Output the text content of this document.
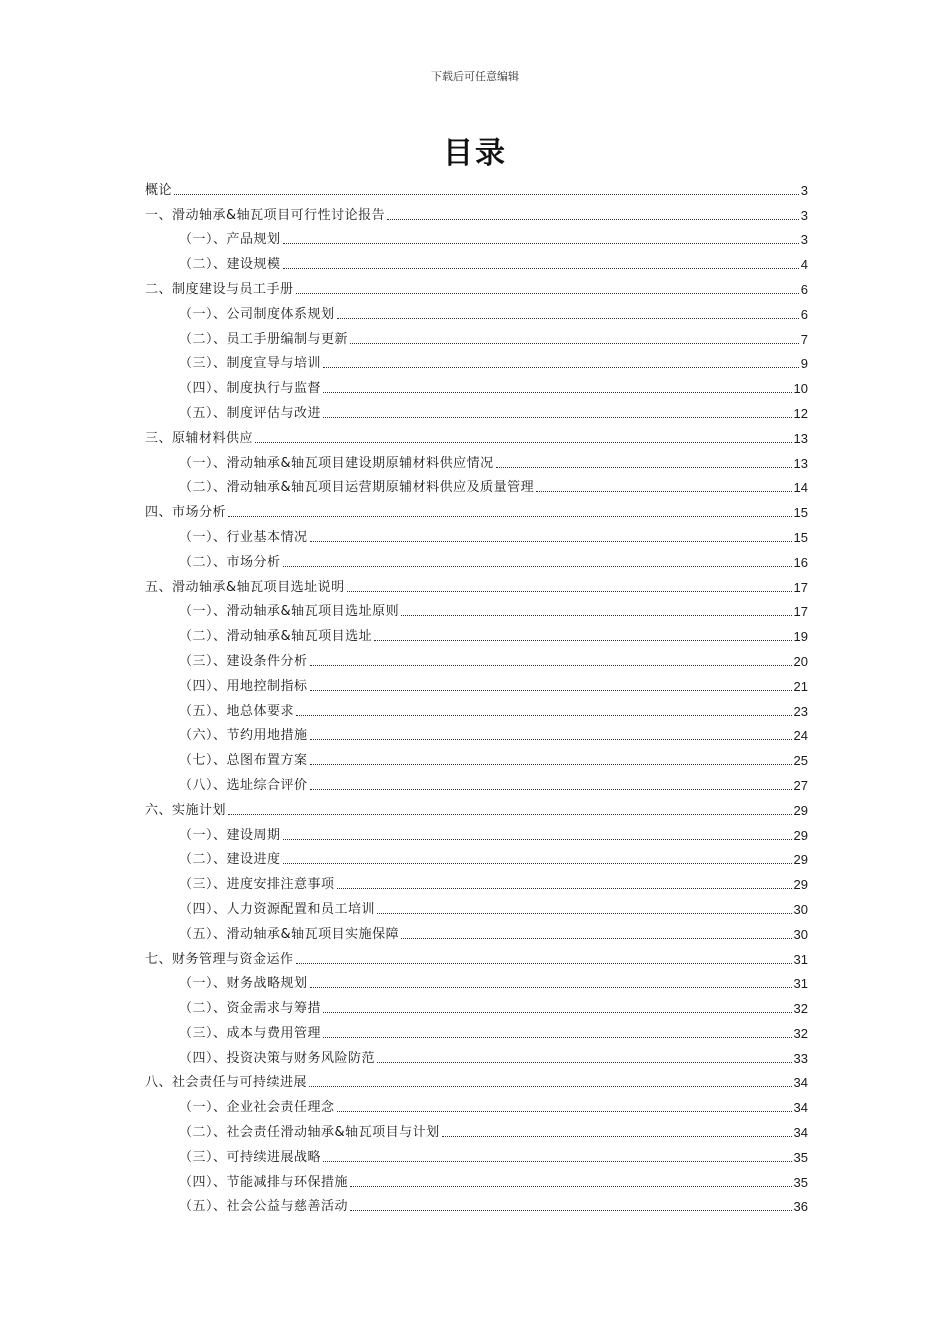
下载后可任意编辑
目录
概论	3
一、滑动轴承&轴瓦项目可行性讨论报告	3
（一）、产品规划	3
（二）、建设规模	4
二、制度建设与员工手册	6
（一）、公司制度体系规划	6
（二）、员工手册编制与更新	7
（三）、制度宣导与培训	9
（四）、制度执行与监督	10
（五）、制度评估与改进	12
三、原辅材料供应	13
（一）、滑动轴承&轴瓦项目建设期原辅材料供应情况	13
（二）、滑动轴承&轴瓦项目运营期原辅材料供应及质量管理	14
四、市场分析	15
（一）、行业基本情况	15
（二）、市场分析	16
五、滑动轴承&轴瓦项目选址说明	17
（一）、滑动轴承&轴瓦项目选址原则	17
（二）、滑动轴承&轴瓦项目选址	19
（三）、建设条件分析	20
（四）、用地控制指标	21
（五）、地总体要求	23
（六）、节约用地措施	24
（七）、总图布置方案	25
（八）、选址综合评价	27
六、实施计划	29
（一）、建设周期	29
（二）、建设进度	29
（三）、进度安排注意事项	29
（四）、人力资源配置和员工培训	30
（五）、滑动轴承&轴瓦项目实施保障	30
七、财务管理与资金运作	31
（一）、财务战略规划	31
（二）、资金需求与筹措	32
（三）、成本与费用管理	32
（四）、投资决策与财务风险防范	33
八、社会责任与可持续进展	34
（一）、企业社会责任理念	34
（二）、社会责任滑动轴承&轴瓦项目与计划	34
（三）、可持续进展战略	35
（四）、节能减排与环保措施	35
（五）、社会公益与慈善活动	36
